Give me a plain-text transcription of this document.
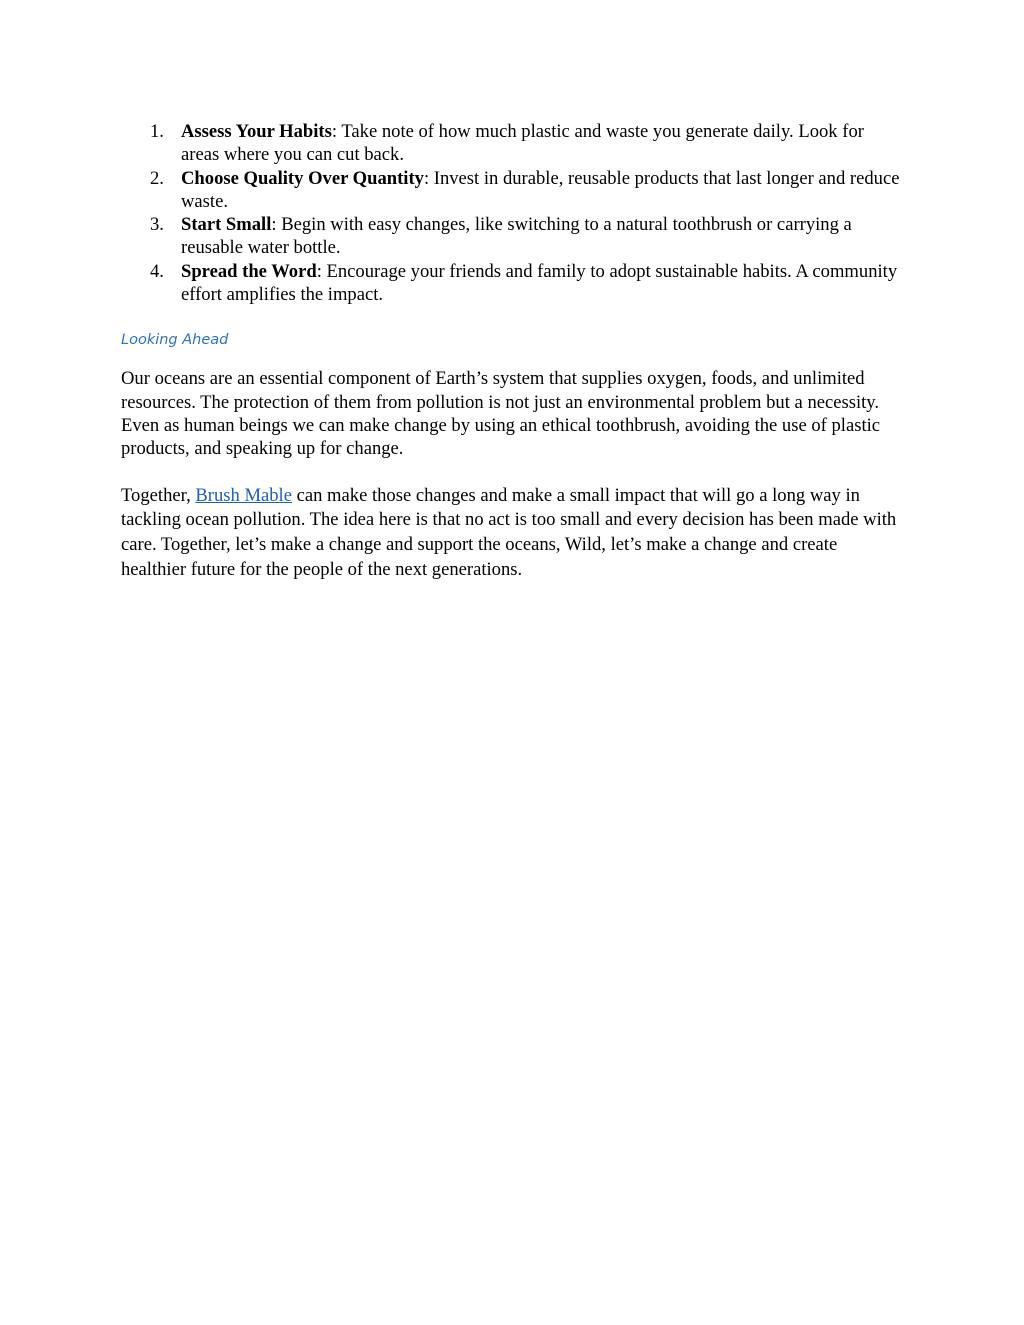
1. Assess Your Habits: Take note of how much plastic and waste you generate daily. Look for areas where you can cut back.
2. Choose Quality Over Quantity: Invest in durable, reusable products that last longer and reduce waste.
3. Start Small: Begin with easy changes, like switching to a natural toothbrush or carrying a reusable water bottle.
4. Spread the Word: Encourage your friends and family to adopt sustainable habits. A community effort amplifies the impact.
Looking Ahead

Our oceans are an essential component of Earth’s system that supplies oxygen, foods, and unlimited resources. The protection of them from pollution is not just an environmental problem but a necessity. Even as human beings we can make change by using an ethical toothbrush, avoiding the use of plastic products, and speaking up for change.

Together, Brush Mable can make those changes and make a small impact that will go a long way in tackling ocean pollution. The idea here is that no act is too small and every decision has been made with care. Together, let’s make a change and support the oceans, Wild, let’s make a change and create healthier future for the people of the next generations.
